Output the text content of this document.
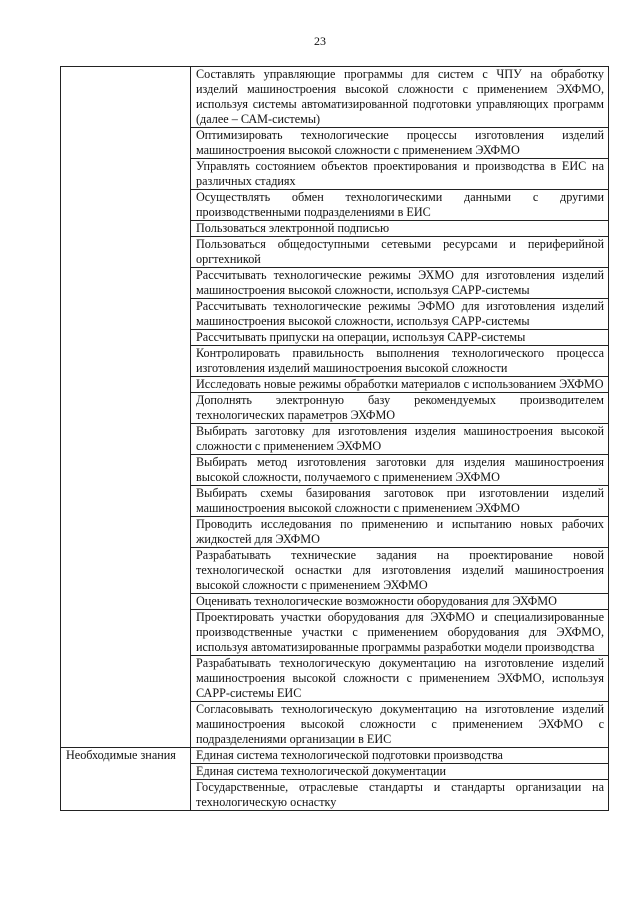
23
	Составлять управляющие программы для систем с ЧПУ на обработку изделий машиностроения высокой сложности с применением ЭХФМО, используя системы автоматизированной подготовки управляющих программ (далее – САМ-системы)
	Оптимизировать технологические процессы изготовления изделий машиностроения высокой сложности с применением ЭХФМО
	Управлять состоянием объектов проектирования и производства в ЕИС на различных стадиях
	Осуществлять обмен технологическими данными с другими производственными подразделениями в ЕИС
	Пользоваться электронной подписью
	Пользоваться общедоступными сетевыми ресурсами и периферийной оргтехникой
	Рассчитывать технологические режимы ЭХМО для изготовления изделий машиностроения высокой сложности, используя САРР-системы
	Рассчитывать технологические режимы ЭФМО для изготовления изделий машиностроения высокой сложности, используя САРР-системы
	Рассчитывать припуски на операции, используя САРР-системы
	Контролировать правильность выполнения технологического процесса изготовления изделий машиностроения высокой сложности
	Исследовать новые режимы обработки материалов с использованием ЭХФМО
	Дополнять электронную базу рекомендуемых производителем технологических параметров ЭХФМО
	Выбирать заготовку для изготовления изделия машиностроения высокой сложности с применением ЭХФМО
	Выбирать метод изготовления заготовки для изделия машиностроения высокой сложности, получаемого с применением ЭХФМО
	Выбирать схемы базирования заготовок при изготовлении изделий машиностроения высокой сложности с применением ЭХФМО
	Проводить исследования по применению и испытанию новых рабочих жидкостей для ЭХФМО
	Разрабатывать технические задания на проектирование новой технологической оснастки для изготовления изделий машиностроения высокой сложности с применением ЭХФМО
	Оценивать технологические возможности оборудования для ЭХФМО
	Проектировать участки оборудования для ЭХФМО и специализированные производственные участки с применением оборудования для ЭХФМО, используя автоматизированные программы разработки модели производства
	Разрабатывать технологическую документацию на изготовление изделий машиностроения высокой сложности с применением ЭХФМО, используя САРР-системы ЕИС
	Согласовывать технологическую документацию на изготовление изделий машиностроения высокой сложности с применением ЭХФМО с подразделениями организации в ЕИС
Необходимые знания	Единая система технологической подготовки производства
	Единая система технологической документации
	Государственные, отраслевые стандарты и стандарты организации на технологическую оснастку
